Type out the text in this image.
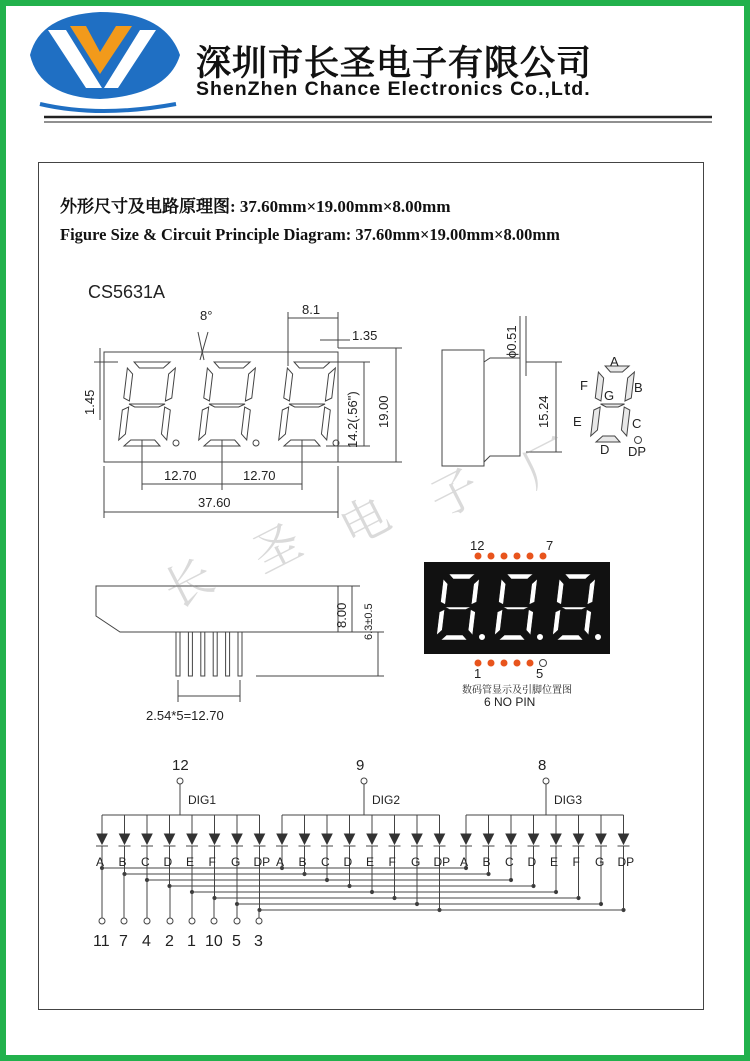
深圳市长圣电子有限公司
ShenZhen Chance Electronics Co.,Ltd.
外形尺寸及电路原理图: 37.60mm×19.00mm×8.00mm
Figure Size & Circuit Principle Diagram: 37.60mm×19.00mm×8.00mm
CS5631A
8°	8.1
1.35
1.45	14.2(.56") 19.00
12.70	12.70
37.60
ϕ0.51
15.24
A
B
C
D
E
F
G
DP
8.00 6.3±0.5
2.54*5=12.70
12	7
1	5
数码管显示及引脚位置图
6 NO PIN
12
DIG1
A B C D E F G DP
9
DIG2
A B C D E F G DP
8
DIG3
A B C D E F G DP
11 7 4 2 1 10 5 3
长 圣 电 子 厂
